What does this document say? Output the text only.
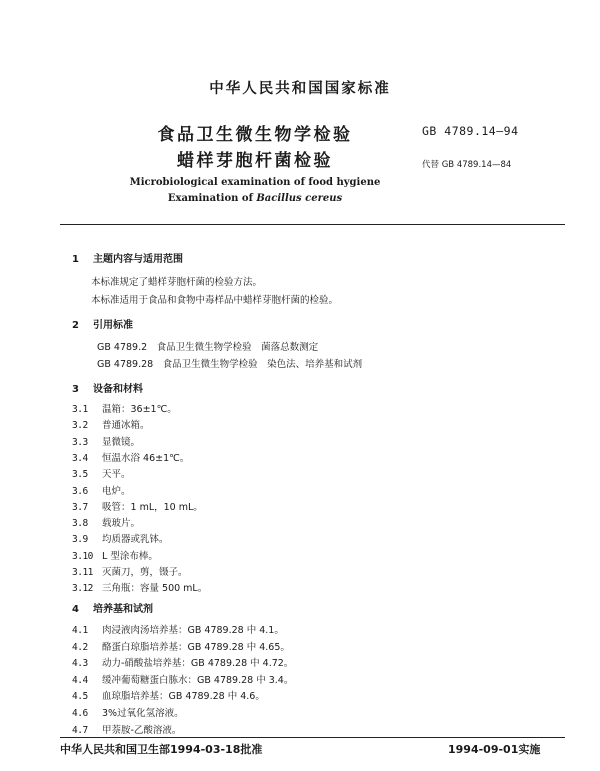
中华人民共和国国家标准
食品卫生微生物学检验
蜡样芽胞杆菌检验
Microbiological examination of food hygiene
Examination of Bacillus cereus
GB 4789.14—94
代替 GB 4789.14—84
1 主题内容与适用范围
本标准规定了蜡样芽胞杆菌的检验方法。
本标准适用于食品和食物中毒样品中蜡样芽胞杆菌的检验。
2 引用标准
GB 4789.2　食品卫生微生物学检验　菌落总数测定
GB 4789.28　食品卫生微生物学检验　染色法、培养基和试剂
3 设备和材料
3.1 温箱：36±1℃。
3.2 普通冰箱。
3.3 显微镜。
3.4 恒温水浴 46±1℃。
3.5 天平。
3.6 电炉。
3.7 吸管：1 mL，10 mL。
3.8 载玻片。
3.9 均质器或乳钵。
3.10 L 型涂布棒。
3.11 灭菌刀，剪，镊子。
3.12 三角瓶：容量 500 mL。
4 培养基和试剂
4.1 肉浸液肉汤培养基：GB 4789.28 中 4.1。
4.2 酪蛋白琼脂培养基：GB 4789.28 中 4.65。
4.3 动力-硝酸盐培养基：GB 4789.28 中 4.72。
4.4 缓冲葡萄糖蛋白胨水：GB 4789.28 中 3.4。
4.5 血琼脂培养基：GB 4789.28 中 4.6。
4.6 3%过氧化氢溶液。
4.7 甲萘胺-乙酸溶液。
中华人民共和国卫生部1994-03-18批准	1994-09-01实施
